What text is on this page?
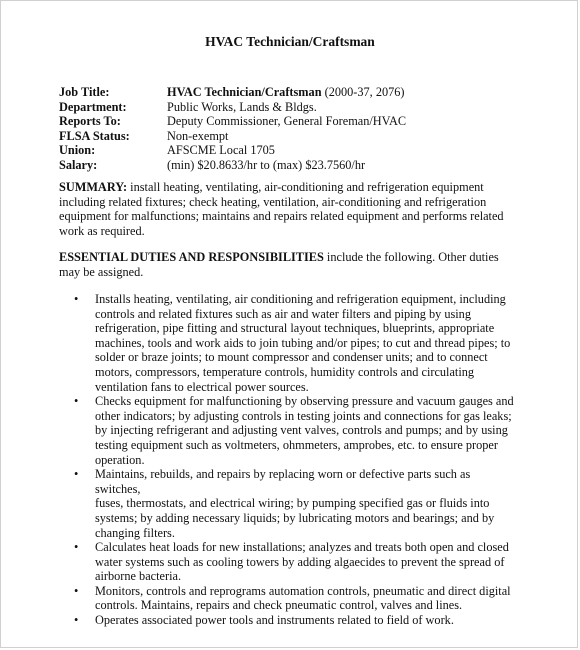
HVAC Technician/Craftsman
Job Title:	HVAC Technician/Craftsman (2000-37, 2076)
Department:	Public Works, Lands & Bldgs.
Reports To:	Deputy Commissioner, General Foreman/HVAC
FLSA Status:	Non-exempt
Union:	AFSCME Local 1705
Salary:	(min) $20.8633/hr to (max) $23.7560/hr
SUMMARY: install heating, ventilating, air-conditioning and refrigeration equipment
including related fixtures; check heating, ventilation, air-conditioning and refrigeration
equipment for malfunctions; maintains and repairs related equipment and performs related
work as required.
ESSENTIAL DUTIES AND RESPONSIBILITIES include the following. Other duties
may be assigned.
• Installs heating, ventilating, air conditioning and refrigeration equipment, including
controls and related fixtures such as air and water filters and piping by using
refrigeration, pipe fitting and structural layout techniques, blueprints, appropriate
machines, tools and work aids to join tubing and/or pipes; to cut and thread pipes; to
solder or braze joints; to mount compressor and condenser units; and to connect
motors, compressors, temperature controls, humidity controls and circulating
ventilation fans to electrical power sources.
• Checks equipment for malfunctioning by observing pressure and vacuum gauges and
other indicators; by adjusting controls in testing joints and connections for gas leaks;
by injecting refrigerant and adjusting vent valves, controls and pumps; and by using
testing equipment such as voltmeters, ohmmeters, amprobes, etc. to ensure proper
operation.
• Maintains, rebuilds, and repairs by replacing worn or defective parts such as switches,
fuses, thermostats, and electrical wiring; by pumping specified gas or fluids into
systems; by adding necessary liquids; by lubricating motors and bearings; and by
changing filters.
• Calculates heat loads for new installations; analyzes and treats both open and closed
water systems such as cooling towers by adding algaecides to prevent the spread of
airborne bacteria.
• Monitors, controls and reprograms automation controls, pneumatic and direct digital
controls. Maintains, repairs and check pneumatic control, valves and lines.
• Operates associated power tools and instruments related to field of work.
